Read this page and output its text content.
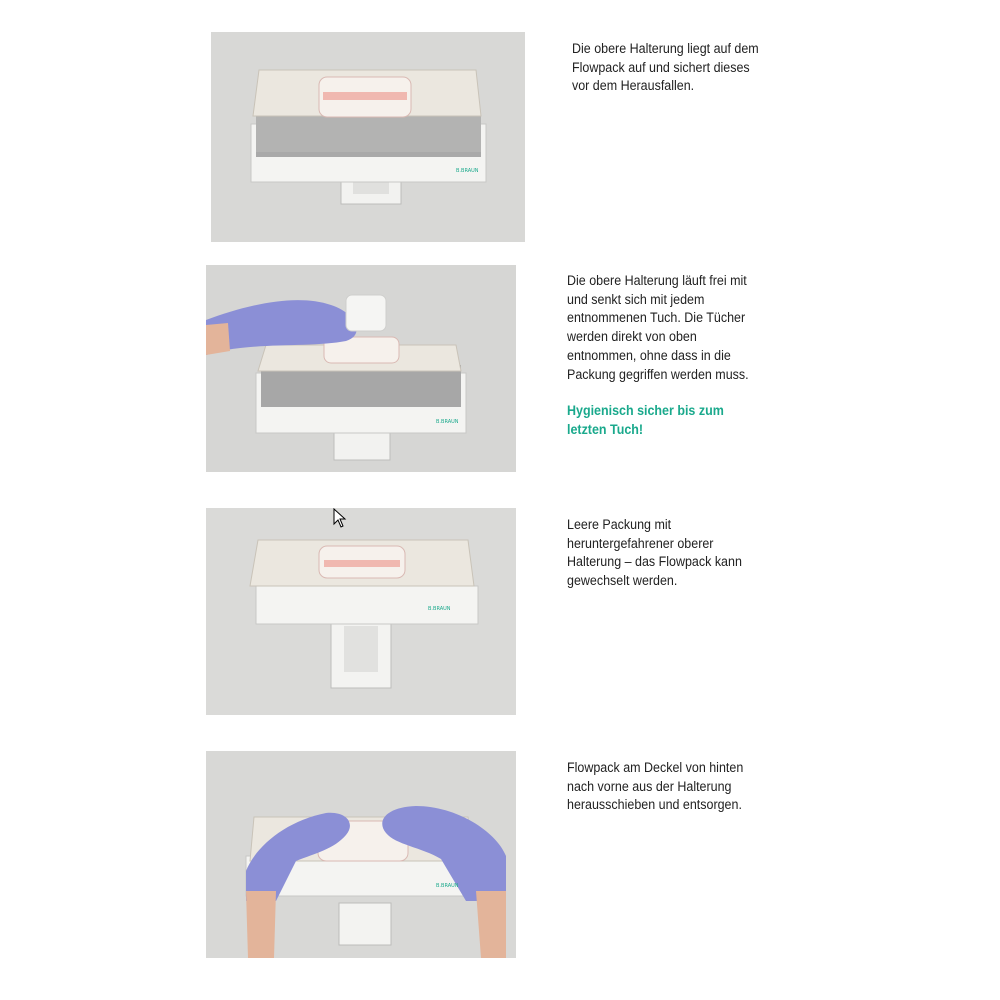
B.BRAUN
Die obere Halterung liegt auf dem
Flowpack auf und sichert dieses
vor dem Herausfallen.
B.BRAUN
Die obere Halterung läuft frei mit
und senkt sich mit jedem
entnommenen Tuch. Die Tücher
werden direkt von oben
entnommen, ohne dass in die
Packung gegriffen werden muss.
Hygienisch sicher bis zum
letzten Tuch!
B.BRAUN
Leere Packung mit
heruntergefahrener oberer
Halterung – das Flowpack kann
gewechselt werden.
B.BRAUN
Flowpack am Deckel von hinten
nach vorne aus der Halterung
herausschieben und entsorgen.
